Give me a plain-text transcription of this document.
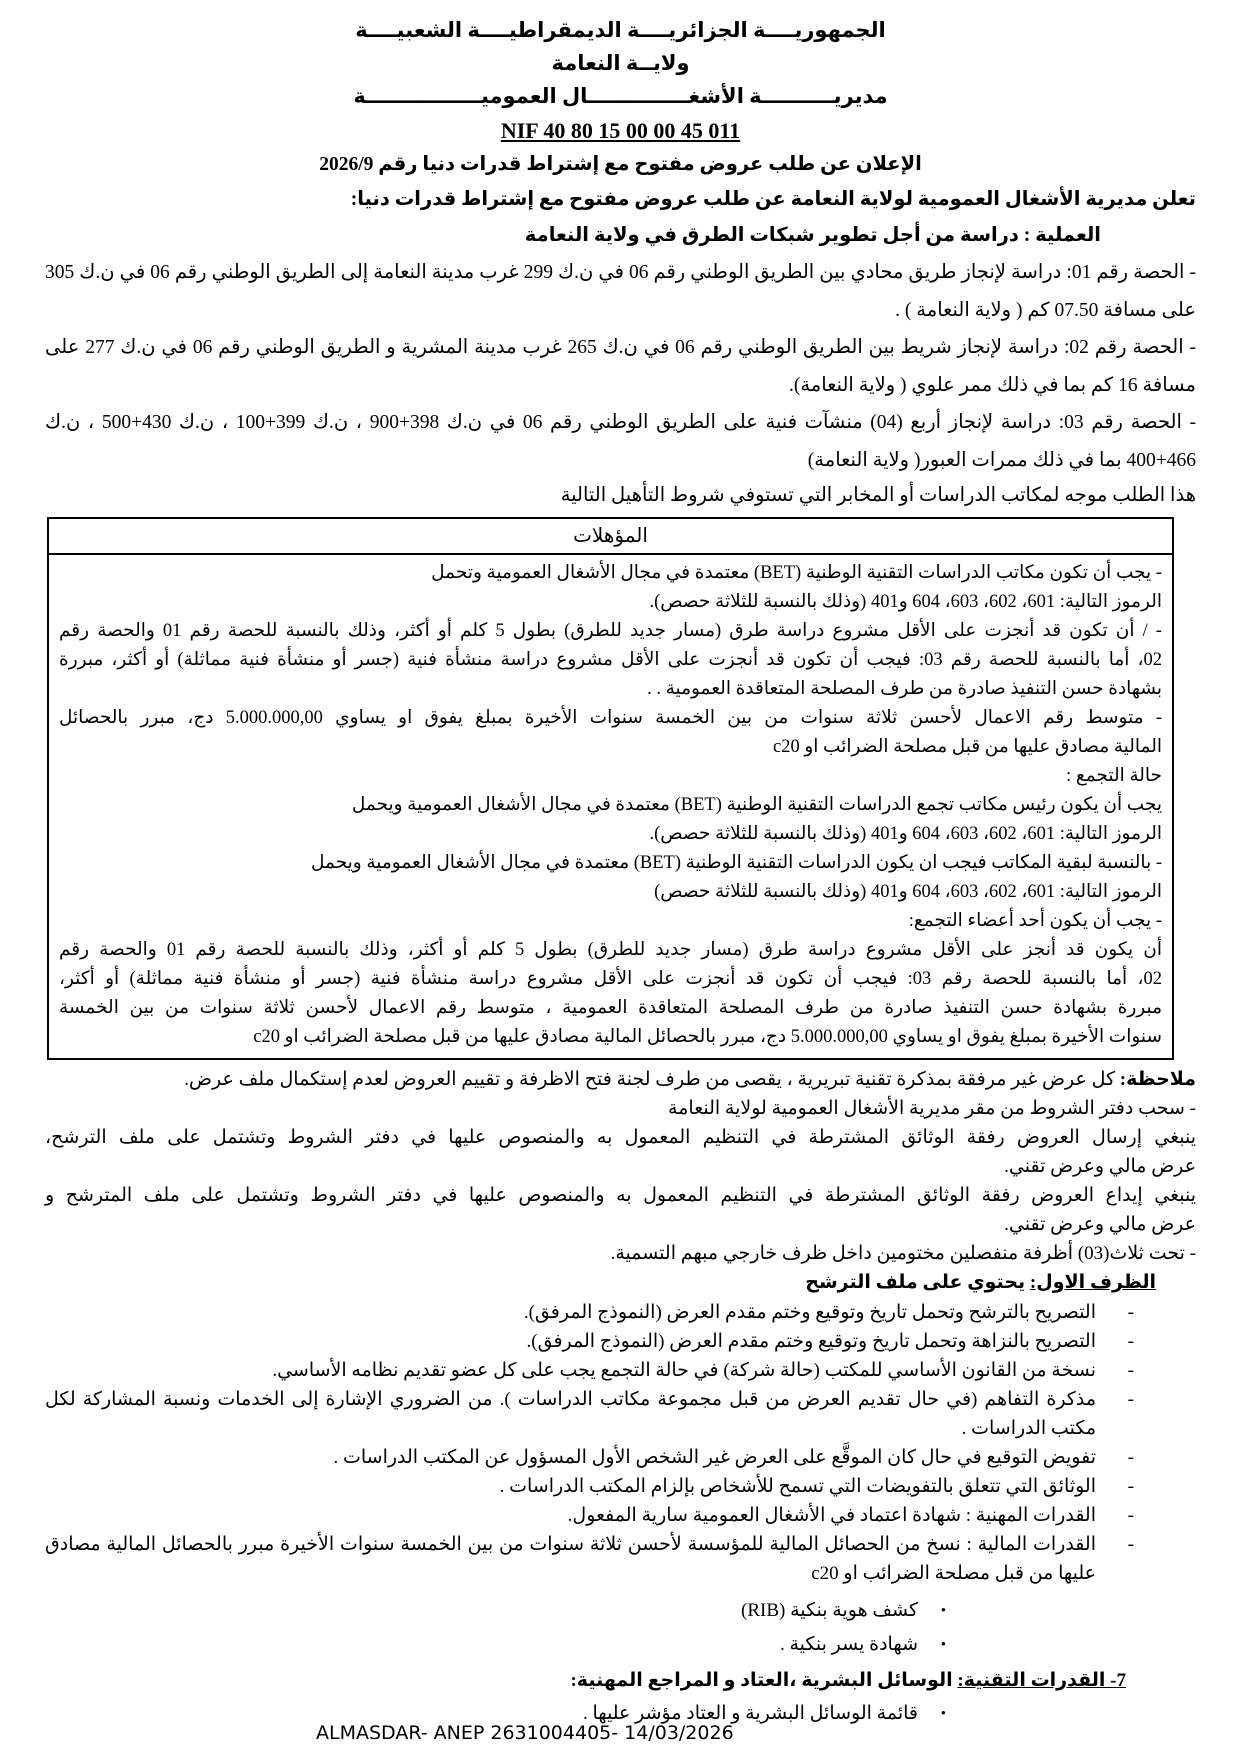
الجمهوريــــة الجزائريــــة الديمقراطيــــة الشعبيــــة
ولايــة النعامة
مديريــــــــــة الأشغــــــــــــــال العموميــــــــــــــــة
NIF 40 80 15 00 00 45 011
الإعلان عن طلب عروض مفتوح مع إشتراط قدرات دنيا رقم 2026/9
تعلن مديرية الأشغال العمومية لولاية النعامة عن طلب عروض مفتوح مع إشتراط قدرات دنيا:
العملية : دراسة من أجل تطوير شبكات الطرق في ولاية النعامة
- الحصة رقم 01: دراسة لإنجاز طريق محادي بين الطريق الوطني رقم 06 في ن.ك 299 غرب مدينة النعامة إلى الطريق الوطني رقم 06 في ن.ك 305 على مسافة 07.50 كم ( ولاية النعامة ) .
- الحصة رقم 02: دراسة لإنجاز شريط بين الطريق الوطني رقم 06 في ن.ك 265 غرب مدينة المشرية و الطريق الوطني رقم 06 في ن.ك 277 على مسافة 16 كم بما في ذلك ممر علوي ( ولاية النعامة).
- الحصة رقم 03: دراسة لإنجاز أربع (04) منشآت فنية على الطريق الوطني رقم 06 في ن.ك 398+900 ، ن.ك 399+100 ، ن.ك 430+500 ، ن.ك 466+400 بما في ذلك ممرات العبور( ولاية النعامة)
هذا الطلب موجه لمكاتب الدراسات أو المخابر التي تستوفي شروط التأهيل التالية
المؤهلات
- يجب أن تكون مكاتب الدراسات التقنية الوطنية (BET) معتمدة في مجال الأشغال العمومية وتحمل
الرموز التالية: 601، 602، 603، 604 و401 (وذلك بالنسبة للثلاثة حصص).
- / أن تكون قد أنجزت على الأقل مشروع دراسة طرق (مسار جديد للطرق) بطول 5 كلم أو أكثر، وذلك بالنسبة للحصة رقم 01 والحصة رقم
02، أما بالنسبة للحصة رقم 03: فيجب أن تكون قد أنجزت على الأقل مشروع دراسة منشأة فنية (جسر أو منشأة فنية مماثلة) أو أكثر، مبررة
بشهادة حسن التنفيذ صادرة من طرف المصلحة المتعاقدة العمومية . .
- متوسط رقم الاعمال لأحسن ثلاثة سنوات من بين الخمسة سنوات الأخيرة بمبلغ يفوق او يساوي 5.000.000,00 دج، مبرر بالحصائل
المالية مصادق عليها من قبل مصلحة الضرائب او c20
حالة التجمع :
يجب أن يكون رئيس مكاتب تجمع الدراسات التقنية الوطنية (BET) معتمدة في مجال الأشغال العمومية ويحمل
الرموز التالية: 601، 602، 603، 604 و401 (وذلك بالنسبة للثلاثة حصص).
- بالنسبة لبقية المكاتب فيجب ان يكون الدراسات التقنية الوطنية (BET) معتمدة في مجال الأشغال العمومية ويحمل
الرموز التالية: 601، 602، 603، 604 و401 (وذلك بالنسبة للثلاثة حصص)
- يجب أن يكون أحد أعضاء التجمع:
أن يكون قد أنجز على الأقل مشروع دراسة طرق (مسار جديد للطرق) بطول 5 كلم أو أكثر، وذلك بالنسبة للحصة رقم 01 والحصة رقم
02، أما بالنسبة للحصة رقم 03: فيجب أن تكون قد أنجزت على الأقل مشروع دراسة منشأة فنية (جسر أو منشأة فنية مماثلة) أو أكثر،
مبررة بشهادة حسن التنفيذ صادرة من طرف المصلحة المتعاقدة العمومية ، متوسط رقم الاعمال لأحسن ثلاثة سنوات من بين الخمسة
سنوات الأخيرة بمبلغ يفوق او يساوي 5.000.000,00 دج، مبرر بالحصائل المالية مصادق عليها من قبل مصلحة الضرائب او c20
ملاحظة: كل عرض غير مرفقة بمذكرة تقنية تبريرية ، يقصى من طرف لجنة فتح الاظرفة و تقييم العروض لعدم إستكمال ملف عرض.
- سحب دفتر الشروط من مقر مديرية الأشغال العمومية لولاية النعامة
ينبغي إرسال العروض رفقة الوثائق المشترطة في التنظيم المعمول به والمنصوص عليها في دفتر الشروط وتشتمل على ملف الترشح،
عرض مالي وعرض تقني.
ينبغي إيداع العروض رفقة الوثائق المشترطة في التنظيم المعمول به والمنصوص عليها في دفتر الشروط وتشتمل على ملف المترشح و
عرض مالي وعرض تقني.
- تحت ثلاث(03) أظرفة منفصلين مختومين داخل ظرف خارجي مبهم التسمية.
الظرف الاول: يحتوي على ملف الترشح
-
التصريح بالترشح وتحمل تاريخ وتوقيع وختم مقدم العرض (النموذج المرفق).
-
التصريح بالنزاهة وتحمل تاريخ وتوقيع وختم مقدم العرض (النموذج المرفق).
-
نسخة من القانون الأساسي للمكتب (حالة شركة) في حالة التجمع يجب على كل عضو تقديم نظامه الأساسي.
-
مذكرة التفاهم (في حال تقديم العرض من قبل مجموعة مكاتب الدراسات ). من الضروري الإشارة إلى الخدمات ونسبة المشاركة لكل مكتب الدراسات .
-
تفويض التوقيع في حال كان الموقَّع على العرض غير الشخص الأول المسؤول عن المكتب الدراسات .
-
الوثائق التي تتعلق بالتفويضات التي تسمح للأشخاص بإلزام المكتب الدراسات .
-
القدرات المهنية : شهادة اعتماد في الأشغال العمومية سارية المفعول.
-
القدرات المالية : نسخ من الحصائل المالية للمؤسسة لأحسن ثلاثة سنوات من بين الخمسة سنوات الأخيرة مبرر بالحصائل المالية مصادق عليها من قبل مصلحة الضرائب او c20
•
كشف هوية بنكية (RIB)
•
شهادة يسر بنكية .
7- القدرات التقنية: الوسائل البشرية ،العتاد و المراجع المهنية:
•
قائمة الوسائل البشرية و العتاد مؤشر عليها .
ALMASDAR- ANEP 2631004405- 14/03/2026
